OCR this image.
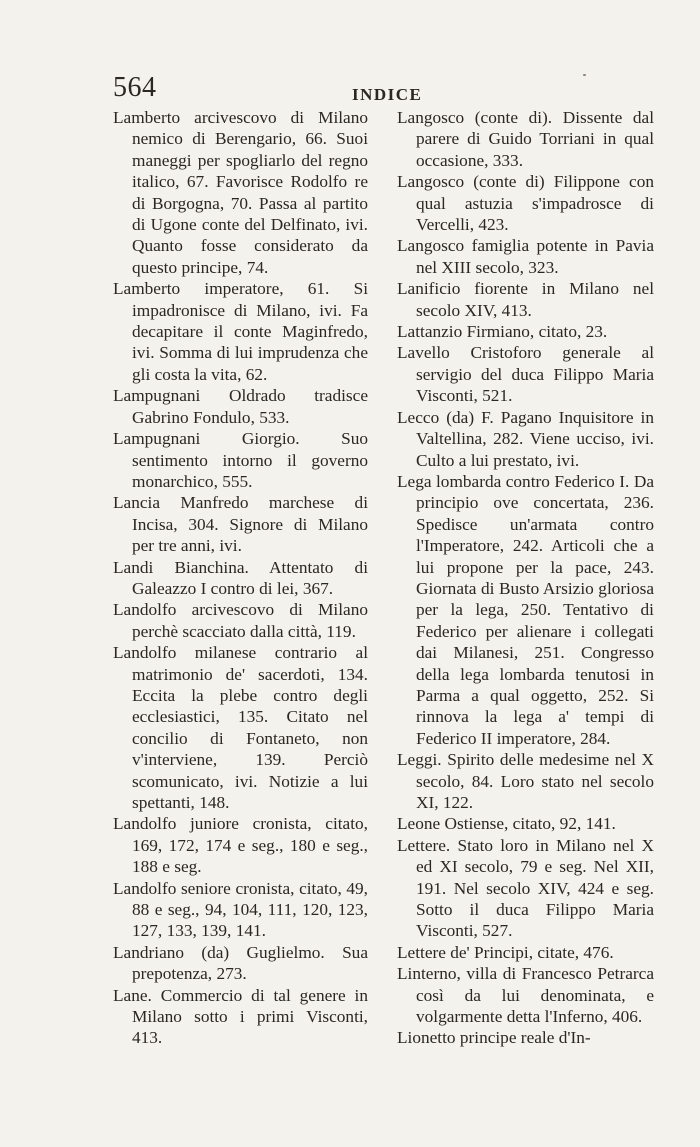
564	INDICE

Lamberto arcivescovo di Milano nemico di Berengario, 66. Suoi maneggi per spogliarlo del regno italico, 67. Favorisce Rodolfo re di Borgogna, 70. Passa al partito di Ugone conte del Delfinato, ivi. Quanto fosse considerato da questo principe, 74.

Lamberto imperatore, 61. Si impadronisce di Milano, ivi. Fa decapitare il conte Maginfredo, ivi. Somma di lui imprudenza che gli costa la vita, 62.

Lampugnani Oldrado tradisce Gabrino Fondulo, 533.

Lampugnani Giorgio. Suo sentimento intorno il governo monarchico, 555.

Lancia Manfredo marchese di Incisa, 304. Signore di Milano per tre anni, ivi.

Landi Bianchina. Attentato di Galeazzo I contro di lei, 367.

Landolfo arcivescovo di Milano perchè scacciato dalla città, 119.

Landolfo milanese contrario al matrimonio de' sacerdoti, 134. Eccita la plebe contro degli ecclesiastici, 135. Citato nel concilio di Fontaneto, non v'interviene, 139. Perciò scomunicato, ivi. Notizie a lui spettanti, 148.

Landolfo juniore cronista, citato, 169, 172, 174 e seg., 180 e seg., 188 e seg.

Landolfo seniore cronista, citato, 49, 88 e seg., 94, 104, 111, 120, 123, 127, 133, 139, 141.

Landriano (da) Guglielmo. Sua prepotenza, 273.

Lane. Commercio di tal genere in Milano sotto i primi Visconti, 413.

Langosco (conte di). Dissente dal parere di Guido Torriani in qual occasione, 333.

Langosco (conte di) Filippone con qual astuzia s'impadrosce di Vercelli, 423.

Langosco famiglia potente in Pavia nel XIII secolo, 323.

Lanificio fiorente in Milano nel secolo XIV, 413.

Lattanzio Firmiano, citato, 23.

Lavello Cristoforo generale al servigio del duca Filippo Maria Visconti, 521.

Lecco (da) F. Pagano Inquisitore in Valtellina, 282. Viene ucciso, ivi. Culto a lui prestato, ivi.

Lega lombarda contro Federico I. Da principio ove concertata, 236. Spedisce un'armata contro l'Imperatore, 242. Articoli che a lui propone per la pace, 243. Giornata di Busto Arsizio gloriosa per la lega, 250. Tentativo di Federico per alienare i collegati dai Milanesi, 251. Congresso della lega lombarda tenutosi in Parma a qual oggetto, 252. Si rinnova la lega a' tempi di Federico II imperatore, 284.

Leggi. Spirito delle medesime nel X secolo, 84. Loro stato nel secolo XI, 122.

Leone Ostiense, citato, 92, 141.

Lettere. Stato loro in Milano nel X ed XI secolo, 79 e seg. Nel XII, 191. Nel secolo XIV, 424 e seg. Sotto il duca Filippo Maria Visconti, 527.

Lettere de' Principi, citate, 476.

Linterno, villa di Francesco Petrarca così da lui denominata, e volgarmente detta l'Inferno, 406.

Lionetto principe reale d'In-
